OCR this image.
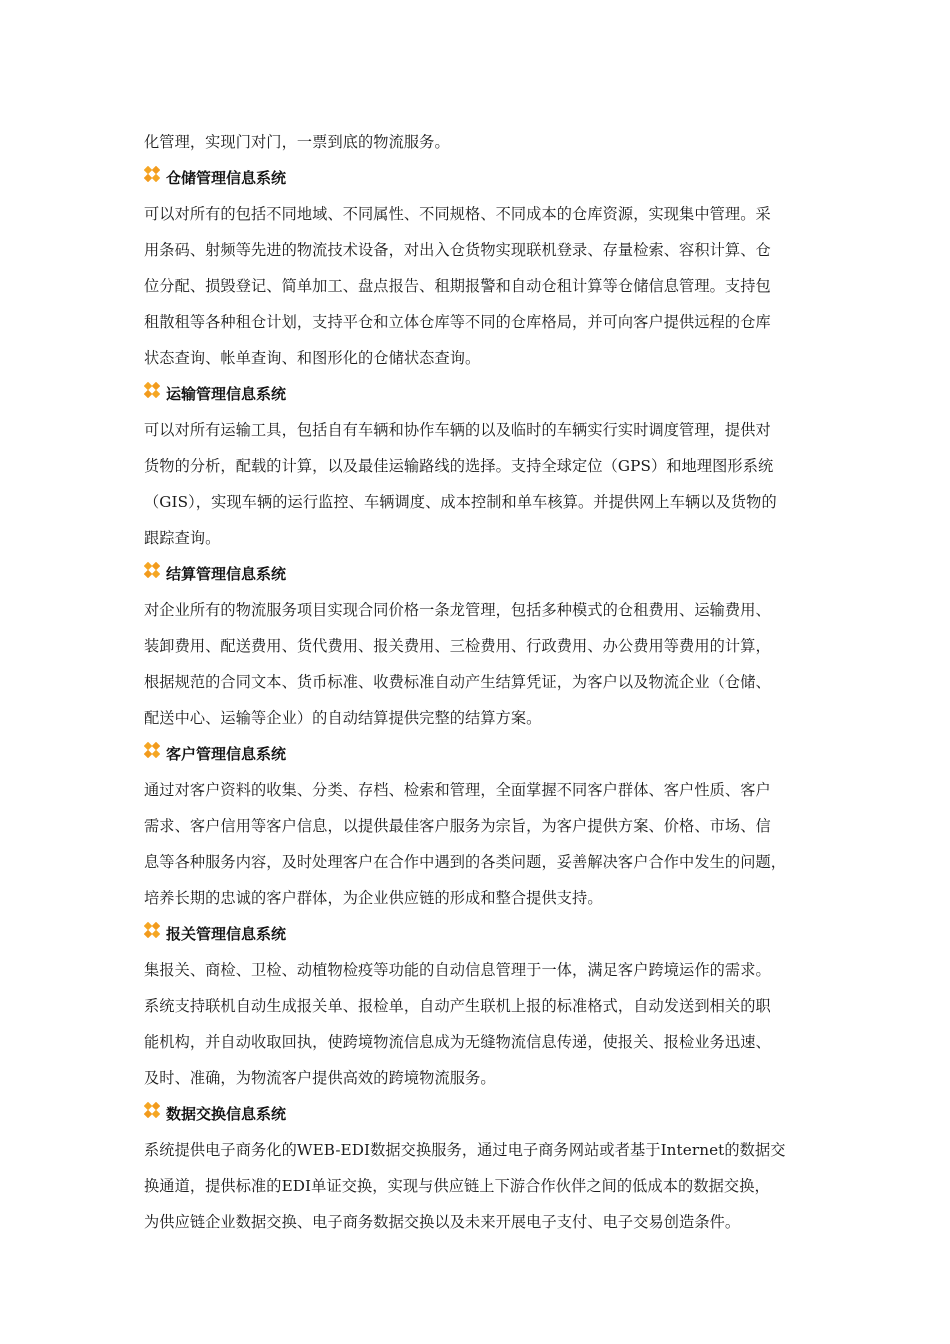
化管理，实现门对门，一票到底的物流服务。
仓储管理信息系统
可以对所有的包括不同地域、不同属性、不同规格、不同成本的仓库资源，实现集中管理。采
用条码、射频等先进的物流技术设备，对出入仓货物实现联机登录、存量检索、容积计算、仓
位分配、损毁登记、简单加工、盘点报告、租期报警和自动仓租计算等仓储信息管理。支持包
租散租等各种租仓计划，支持平仓和立体仓库等不同的仓库格局，并可向客户提供远程的仓库
状态查询、帐单查询、和图形化的仓储状态查询。
运输管理信息系统
可以对所有运输工具，包括自有车辆和协作车辆的以及临时的车辆实行实时调度管理，提供对
货物的分析，配载的计算，以及最佳运输路线的选择。支持全球定位（GPS）和地理图形系统
（GIS），实现车辆的运行监控、车辆调度、成本控制和单车核算。并提供网上车辆以及货物的
跟踪查询。
结算管理信息系统
对企业所有的物流服务项目实现合同价格一条龙管理，包括多种模式的仓租费用、运输费用、
装卸费用、配送费用、货代费用、报关费用、三检费用、行政费用、办公费用等费用的计算，
根据规范的合同文本、货币标准、收费标准自动产生结算凭证，为客户以及物流企业（仓储、
配送中心、运输等企业）的自动结算提供完整的结算方案。
客户管理信息系统
通过对客户资料的收集、分类、存档、检索和管理，全面掌握不同客户群体、客户性质、客户
需求、客户信用等客户信息，以提供最佳客户服务为宗旨，为客户提供方案、价格、市场、信
息等各种服务内容，及时处理客户在合作中遇到的各类问题，妥善解决客户合作中发生的问题，
培养长期的忠诚的客户群体，为企业供应链的形成和整合提供支持。
报关管理信息系统
集报关、商检、卫检、动植物检疫等功能的自动信息管理于一体，满足客户跨境运作的需求。
系统支持联机自动生成报关单、报检单，自动产生联机上报的标准格式，自动发送到相关的职
能机构，并自动收取回执，使跨境物流信息成为无缝物流信息传递，使报关、报检业务迅速、
及时、准确，为物流客户提供高效的跨境物流服务。
数据交换信息系统
系统提供电子商务化的WEB-EDI数据交换服务，通过电子商务网站或者基于Internet的数据交
换通道，提供标准的EDI单证交换，实现与供应链上下游合作伙伴之间的低成本的数据交换，
为供应链企业数据交换、电子商务数据交换以及未来开展电子支付、电子交易创造条件。
